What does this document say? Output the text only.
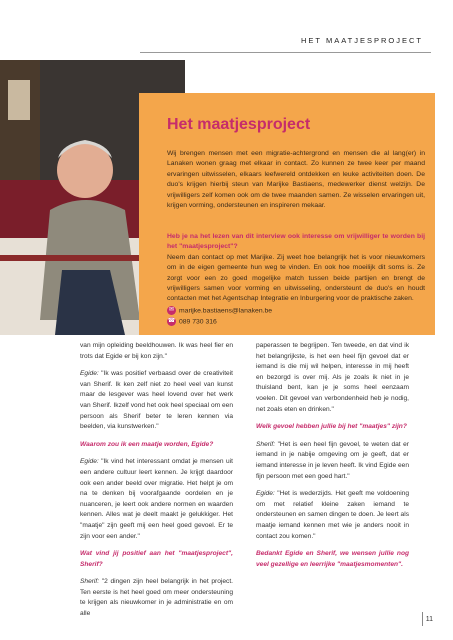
HET MAATJESPROJECT
Het maatjesproject
Wij brengen mensen met een migratie-achtergrond en mensen die al lang(er) in Lanaken wonen graag met elkaar in contact. Zo kunnen ze twee keer per maand ervaringen uitwisselen, elkaars leefwereld ontdekken en leuke activiteiten doen. De duo's krijgen hierbij steun van Marijke Bastiaens, medewerker dienst welzijn. De vrijwilligers zelf komen ook om de twee maanden samen. Ze wisselen ervaringen uit, krijgen vorming, ondersteunen en inspireren mekaar.
Heb je na het lezen van dit interview ook interesse om vrijwilliger te worden bij het "maatjesproject"?
Neem dan contact op met Marijke. Zij weet hoe belangrijk het is voor nieuwkomers om in de eigen gemeente hun weg te vinden. En ook hoe moeilijk dit soms is. Ze zorgt voor een zo goed mogelijke match tussen beide partijen en brengt de vrijwilligers samen voor vorming en uitwisseling, ondersteunt de duo's en houdt contacten met het Agentschap Integratie en Inburgering voor de praktische zaken.
✉ marijke.bastiaens@lanaken.be
☎ 089 730 316

van mijn opleiding beeldhouwen. Ik was heel fier en trots dat Egide er bij kon zijn."

Egide: "Ik was positief verbaasd over de creativiteit van Sherif. Ik ken zelf niet zo heel veel van kunst maar de lesgever was heel lovend over het werk van Sherif. Ikzelf vond het ook heel speciaal om een persoon als Sherif beter te leren kennen via beelden, via kunstwerken."

Waarom zou ik een maatje worden, Egide?

Egide: "Ik vind het interessant omdat je mensen uit een andere cultuur leert kennen. Je krijgt daardoor ook een ander beeld over migratie. Het helpt je om na te denken bij voorafgaande oordelen en je nuanceren, je leert ook andere normen en waarden kennen. Alles wat je deelt maakt je gelukkiger. Het "maatje" zijn geeft mij een heel goed gevoel. Er te zijn voor een ander."

Wat vind jij positief aan het "maatjesproject", Sherif?

Sherif: "2 dingen zijn heel belangrijk in het project. Ten eerste is het heel goed om meer ondersteuning te krijgen als nieuwkomer in je administratie en om alle

paperassen te begrijpen. Ten tweede, en dat vind ik het belangrijkste, is het een heel fijn gevoel dat er iemand is die mij wil helpen, interesse in mij heeft en bezorgd is over mij. Als je zoals ik niet in je thuisland bent, kan je je soms heel eenzaam voelen. Dit gevoel van verbondenheid heb je nodig, net zoals eten en drinken."

Welk gevoel hebben jullie bij het "maatjes" zijn?

Sherif: "Het is een heel fijn gevoel, te weten dat er iemand in je nabije omgeving om je geeft, dat er iemand interesse in je leven heeft. Ik vind Egide een fijn persoon met een goed hart."

Egide: "Het is wederzijds. Het geeft me voldoening om met relatief kleine zaken iemand te ondersteunen en samen dingen te doen. Je leert als maatje iemand kennen met wie je anders nooit in contact zou komen."

Bedankt Egide en Sherif, we wensen jullie nog veel gezellige en leerrijke "maatjesmomenten".

11
